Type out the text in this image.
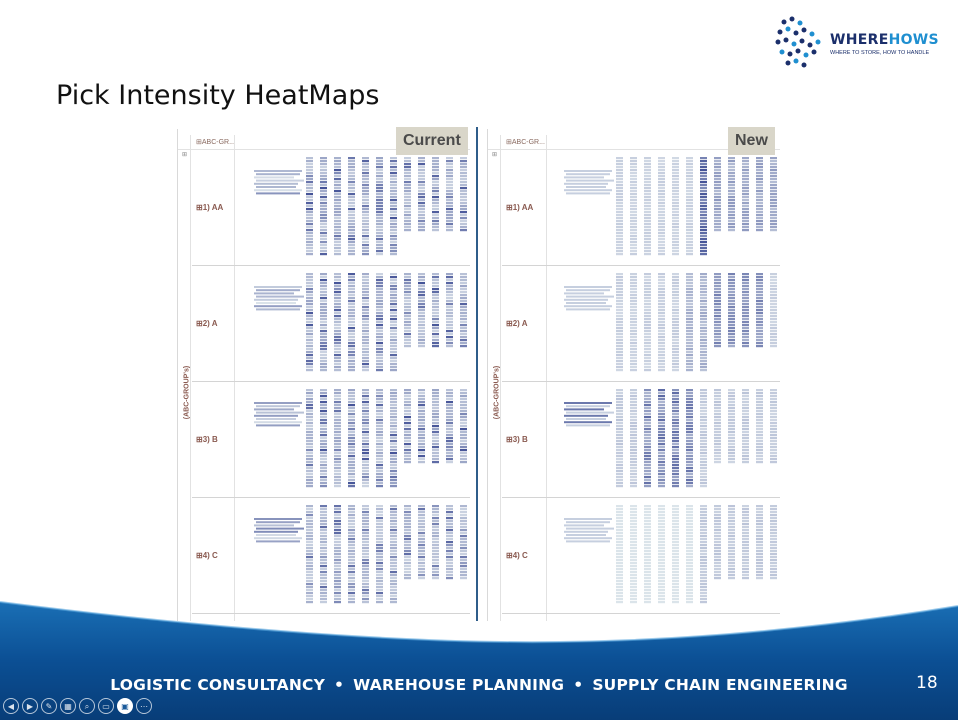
WHEREHOWS
WHERE TO STORE, HOW TO HANDLE
Pick Intensity HeatMaps
⊞
⊞ABC-GR...
(ABC-GROUP's)
⊞1) AA
⊞2) A
⊞3) B
⊞4) C
Current
⊞
⊞ABC-GR...
(ABC-GROUP's)
⊞1) AA
⊞2) A
⊞3) B
⊞4) C
New
LOGISTIC CONSULTANCY • WAREHOUSE PLANNING • SUPPLY CHAIN ENGINEERING	18
◀	▶	✎	▦	⌕	▭	▣	⋯
